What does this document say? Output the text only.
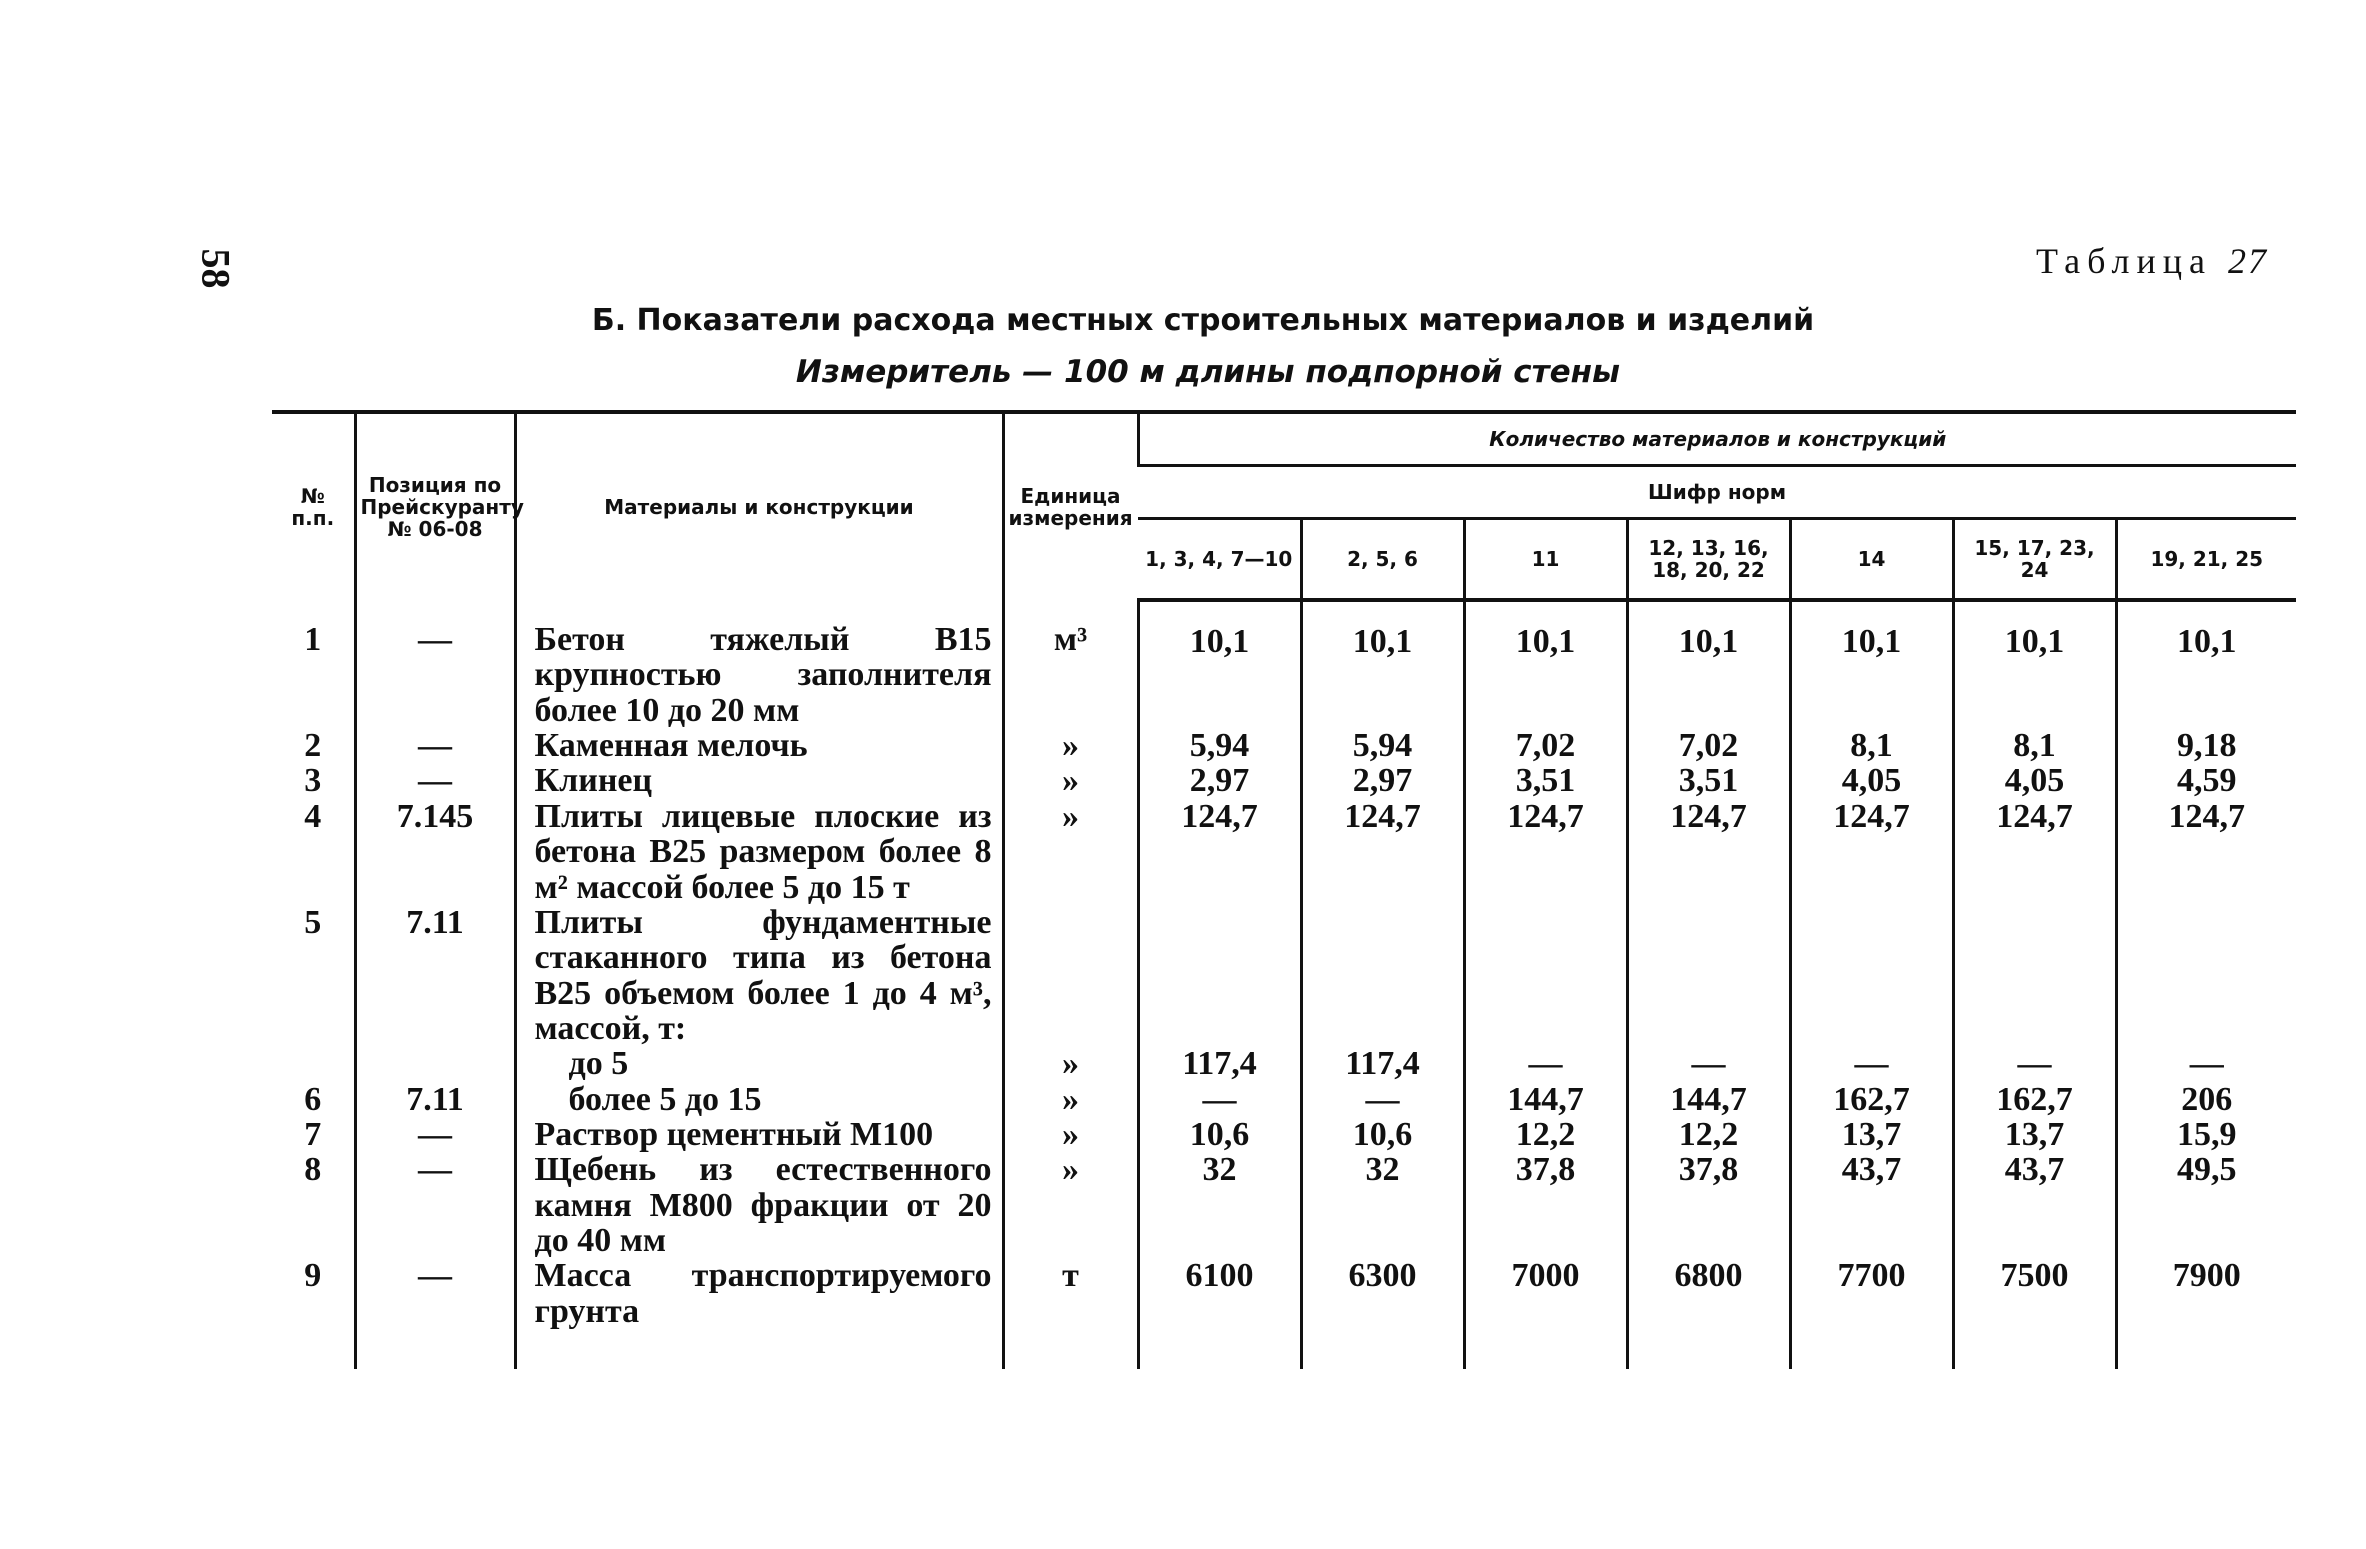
58	Таблица 27
Б. Показатели расхода местных строительных материалов и изделий
Измеритель — 100 м длины подпорной стены
№ п.п.	Позиция по Прейскуранту № 06-08	Материалы и конструкции	Единица измерения	Количество материалов и конструкций						
				Шифр норм						
				1, 3, 4, 7—10	2, 5, 6	11	12, 13, 16, 18, 20, 22	14	15, 17, 23, 24	19, 21, 25
1	—	Бетон тяжелый В15 крупностью заполнителя более 10 до 20 мм	м³	10,1	10,1	10,1	10,1	10,1	10,1	10,1
2	—	Каменная мелочь	»	5,94	5,94	7,02	7,02	8,1	8,1	9,18
3	—	Клинец	»	2,97	2,97	3,51	3,51	4,05	4,05	4,59
4	7.145	Плиты лицевые плоские из бетона В25 размером более 8 м² массой более 5 до 15 т	»	124,7	124,7	124,7	124,7	124,7	124,7	124,7
5	7.11	Плиты фундаментные стаканного типа из бетона В25 объемом более 1 до 4 м³, массой, т:								
		до 5	»	117,4	117,4	—	—	—	—	—
6	7.11	более 5 до 15	»	—	—	144,7	144,7	162,7	162,7	206
7	—	Раствор цементный М100	»	10,6	10,6	12,2	12,2	13,7	13,7	15,9
8	—	Щебень из естественного камня М800 фракции от 20 до 40 мм	»	32	32	37,8	37,8	43,7	43,7	49,5
9	—	Масса транспортируемого грунта	т	6100	6300	7000	6800	7700	7500	7900
